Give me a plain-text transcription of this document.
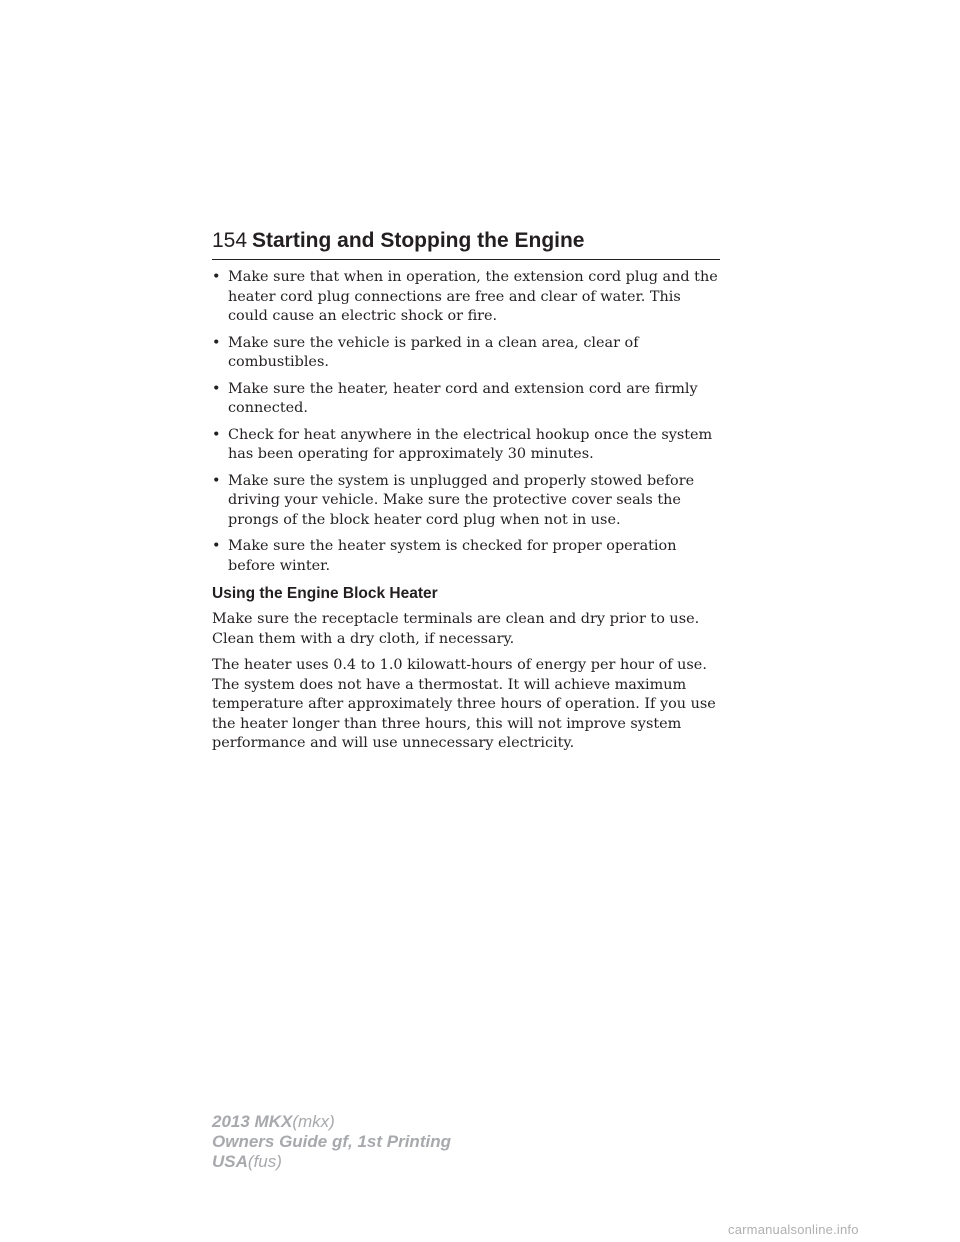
154 Starting and Stopping the Engine
• Make sure that when in operation, the extension cord plug and the heater cord plug connections are free and clear of water. This could cause an electric shock or fire.
• Make sure the vehicle is parked in a clean area, clear of combustibles.
• Make sure the heater, heater cord and extension cord are firmly connected.
• Check for heat anywhere in the electrical hookup once the system has been operating for approximately 30 minutes.
• Make sure the system is unplugged and properly stowed before driving your vehicle. Make sure the protective cover seals the prongs of the block heater cord plug when not in use.
• Make sure the heater system is checked for proper operation before winter.
Using the Engine Block Heater

Make sure the receptacle terminals are clean and dry prior to use. Clean them with a dry cloth, if necessary.

The heater uses 0.4 to 1.0 kilowatt-hours of energy per hour of use. The system does not have a thermostat. It will achieve maximum temperature after approximately three hours of operation. If you use the heater longer than three hours, this will not improve system performance and will use unnecessary electricity.

2013 MKX(mkx)
Owners Guide gf, 1st Printing
USA(fus)
carmanualsonline.info
